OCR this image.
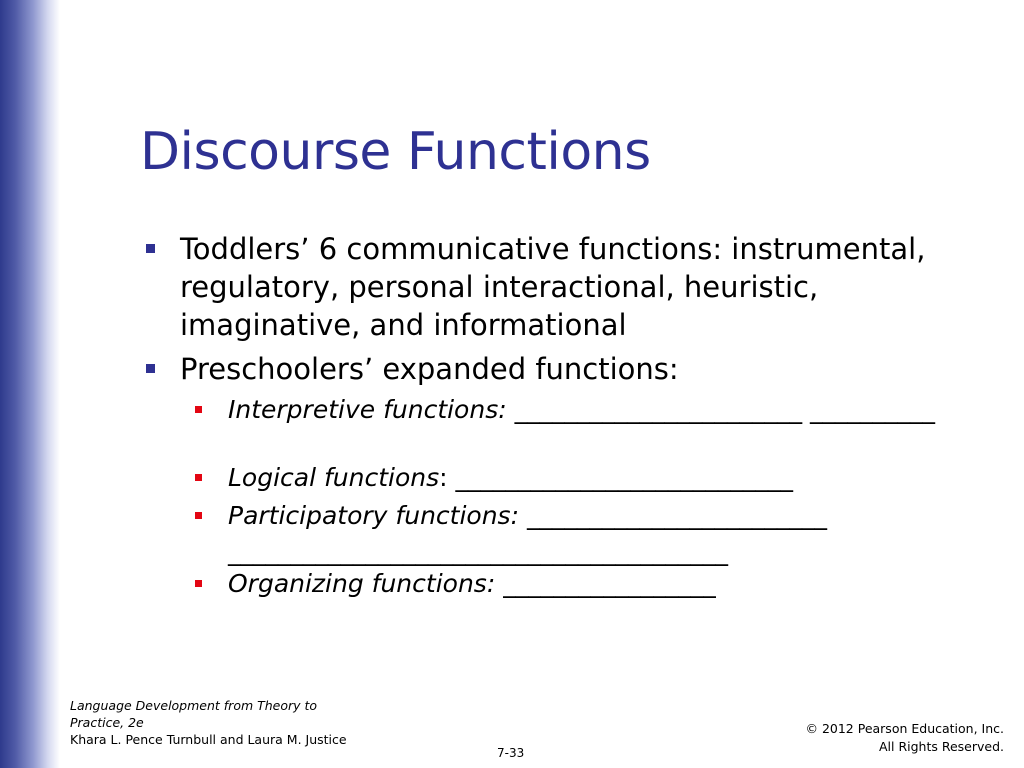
Discourse Functions
Toddlers’ 6 communicative functions: instrumental, regulatory, personal interactional, heuristic, imaginative, and informational
Preschoolers’ expanded functions:
Interpretive functions: _______________________ __________
Logical functions: ___________________________
Participatory functions: ________________________ ________________________________________
Organizing functions: _________________
Language Development from Theory to Practice, 2e
Khara L. Pence Turnbull and Laura M. Justice
© 2012 Pearson Education, Inc.
All Rights Reserved.
7-33
